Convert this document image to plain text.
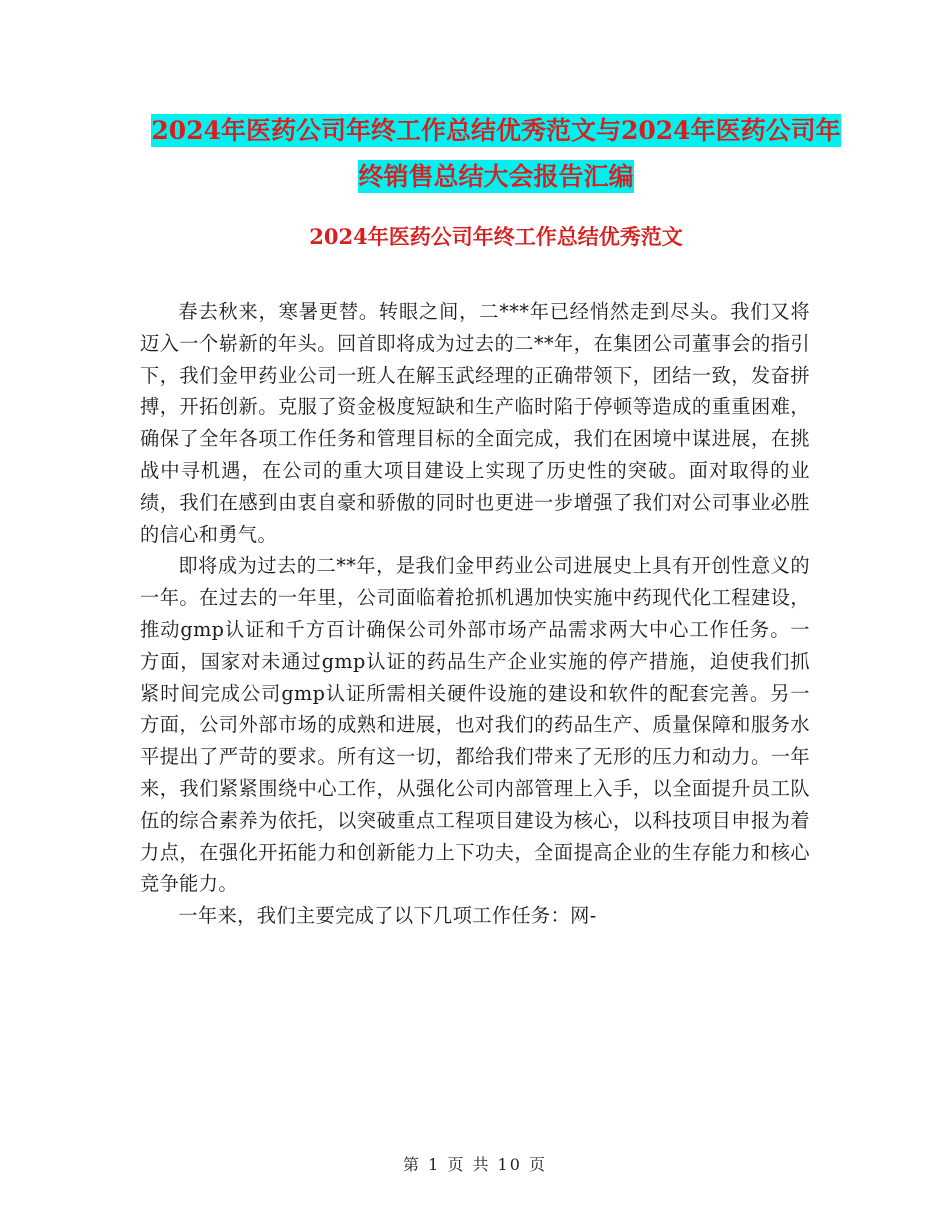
2024年医药公司年终工作总结优秀范文与2024年医药公司年终销售总结大会报告汇编
2024年医药公司年终工作总结优秀范文

春去秋来，寒暑更替。转眼之间，二***年已经悄然走到尽头。我们又将迈入一个崭新的年头。回首即将成为过去的二**年，在集团公司董事会的指引下，我们金甲药业公司一班人在解玉武经理的正确带领下，团结一致，发奋拼搏，开拓创新。克服了资金极度短缺和生产临时陷于停顿等造成的重重困难，确保了全年各项工作任务和管理目标的全面完成，我们在困境中谋进展，在挑战中寻机遇，在公司的重大项目建设上实现了历史性的突破。面对取得的业绩，我们在感到由衷自豪和骄傲的同时也更进一步增强了我们对公司事业必胜的信心和勇气。

即将成为过去的二**年，是我们金甲药业公司进展史上具有开创性意义的一年。在过去的一年里，公司面临着抢抓机遇加快实施中药现代化工程建设，推动gmp认证和千方百计确保公司外部市场产品需求两大中心工作任务。一方面，国家对未通过gmp认证的药品生产企业实施的停产措施，迫使我们抓紧时间完成公司gmp认证所需相关硬件设施的建设和软件的配套完善。另一方面，公司外部市场的成熟和进展，也对我们的药品生产、质量保障和服务水平提出了严苛的要求。所有这一切，都给我们带来了无形的压力和动力。一年来，我们紧紧围绕中心工作，从强化公司内部管理上入手，以全面提升员工队伍的综合素养为依托，以突破重点工程项目建设为核心，以科技项目申报为着力点，在强化开拓能力和创新能力上下功夫，全面提高企业的生存能力和核心竞争能力。

一年来，我们主要完成了以下几项工作任务：网-

第 1 页 共 10 页
